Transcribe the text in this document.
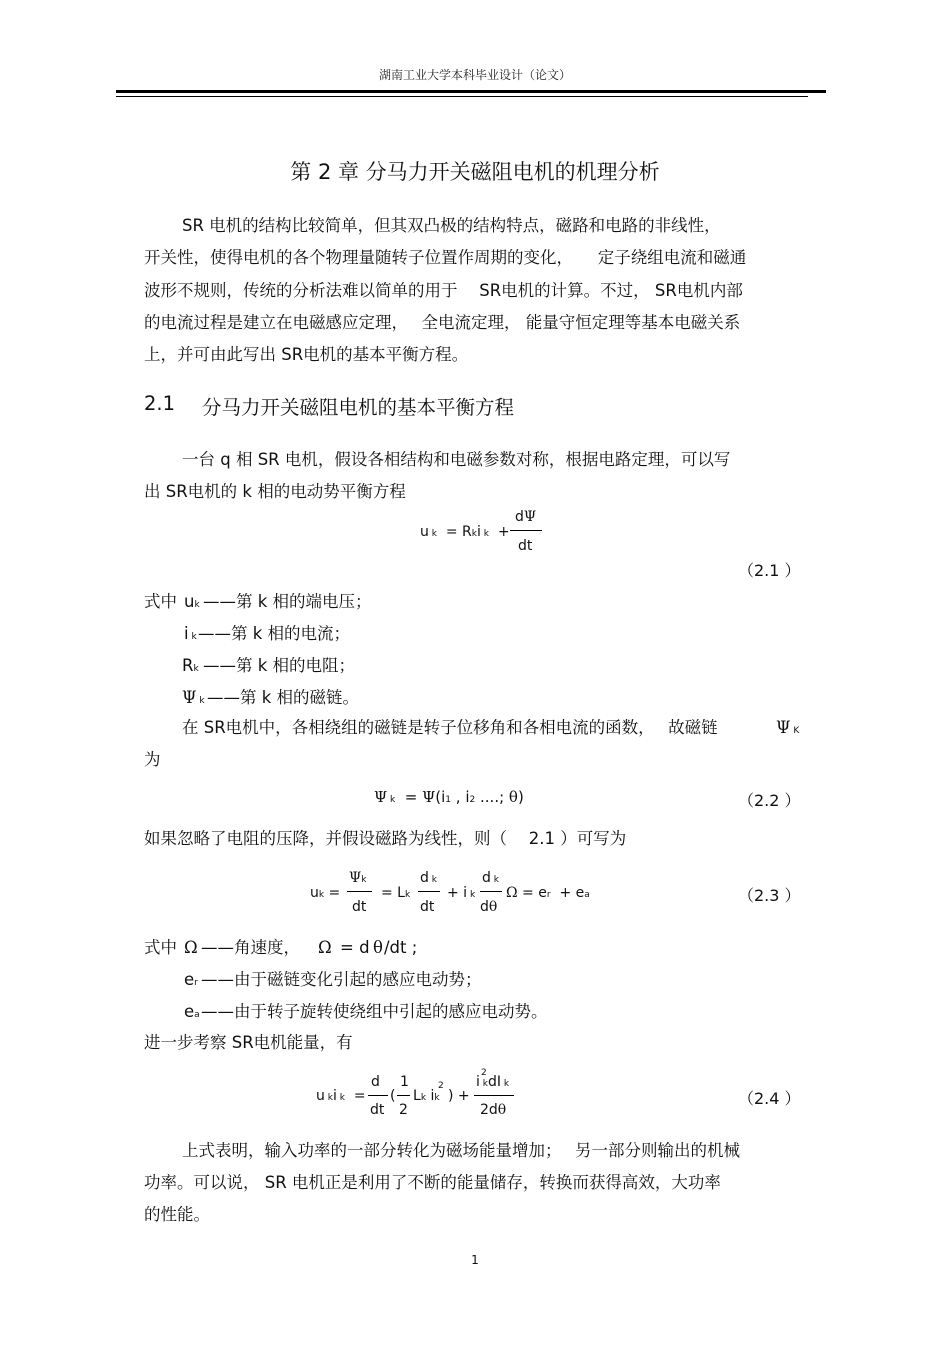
湖南工业大学本科毕业设计（论文）
第 2 章 分马力开关磁阻电机的机理分析
SR 电机的结构比较简单，但其双凸极的结构特点，磁路和电路的非线性，
开关性，使得电机的各个物理量随转子位置作周期的变化，　　定子绕组电流和磁通
波形不规则，传统的分析法难以简单的用于　 SR电机的计算。不过， SR电机内部
的电流过程是建立在电磁感应定理，　 全电流定理， 能量守恒定理等基本电磁关系
上，并可由此写出 SR电机的基本平衡方程。
2.1 分马力开关磁阻电机的基本平衡方程
一台 q 相 SR 电机，假设各相结构和电磁参数对称，根据电路定理，可以写
出 SR电机的 k 相的电动势平衡方程
u k  = Rki k  +
dΨ
dt
（2.1 ）
式中 uk ——第 k 相的端电压；
i k ——第 k 相的电流；
Rk ——第 k 相的电阻；
Ψ k ——第 k 相的磁链。
在 SR电机中，各相绕组的磁链是转子位移角和各相电流的函数，　 故磁链	Ψ K
为
Ψ k  = Ψ(i1 , i2 ....; θ)	（2.2 ）
如果忽略了电阻的压降，并假设磁路为线性，则（　 2.1 ）可写为
uk =
Ψk
dt
= Lk
d k
dt
+ i k
d k
dθ
Ω = er  + ea	（2.3 ）
式中 Ω ——角速度， Ω = d θ /dt ;
er ——由于磁链变化引起的感应电动势；
ea ——由于转子旋转使绕组中引起的感应电动势。
进一步考察 SR电机能量，有
u ki k  =
d
dt
(
1
2
Lk ik
2
) +
2
i kdI k
2dθ
（2.4 ）
上式表明，输入功率的一部分转化为磁场能量增加；　 另一部分则输出的机械
功率。可以说， SR 电机正是利用了不断的能量储存，转换而获得高效，大功率
的性能。
1
